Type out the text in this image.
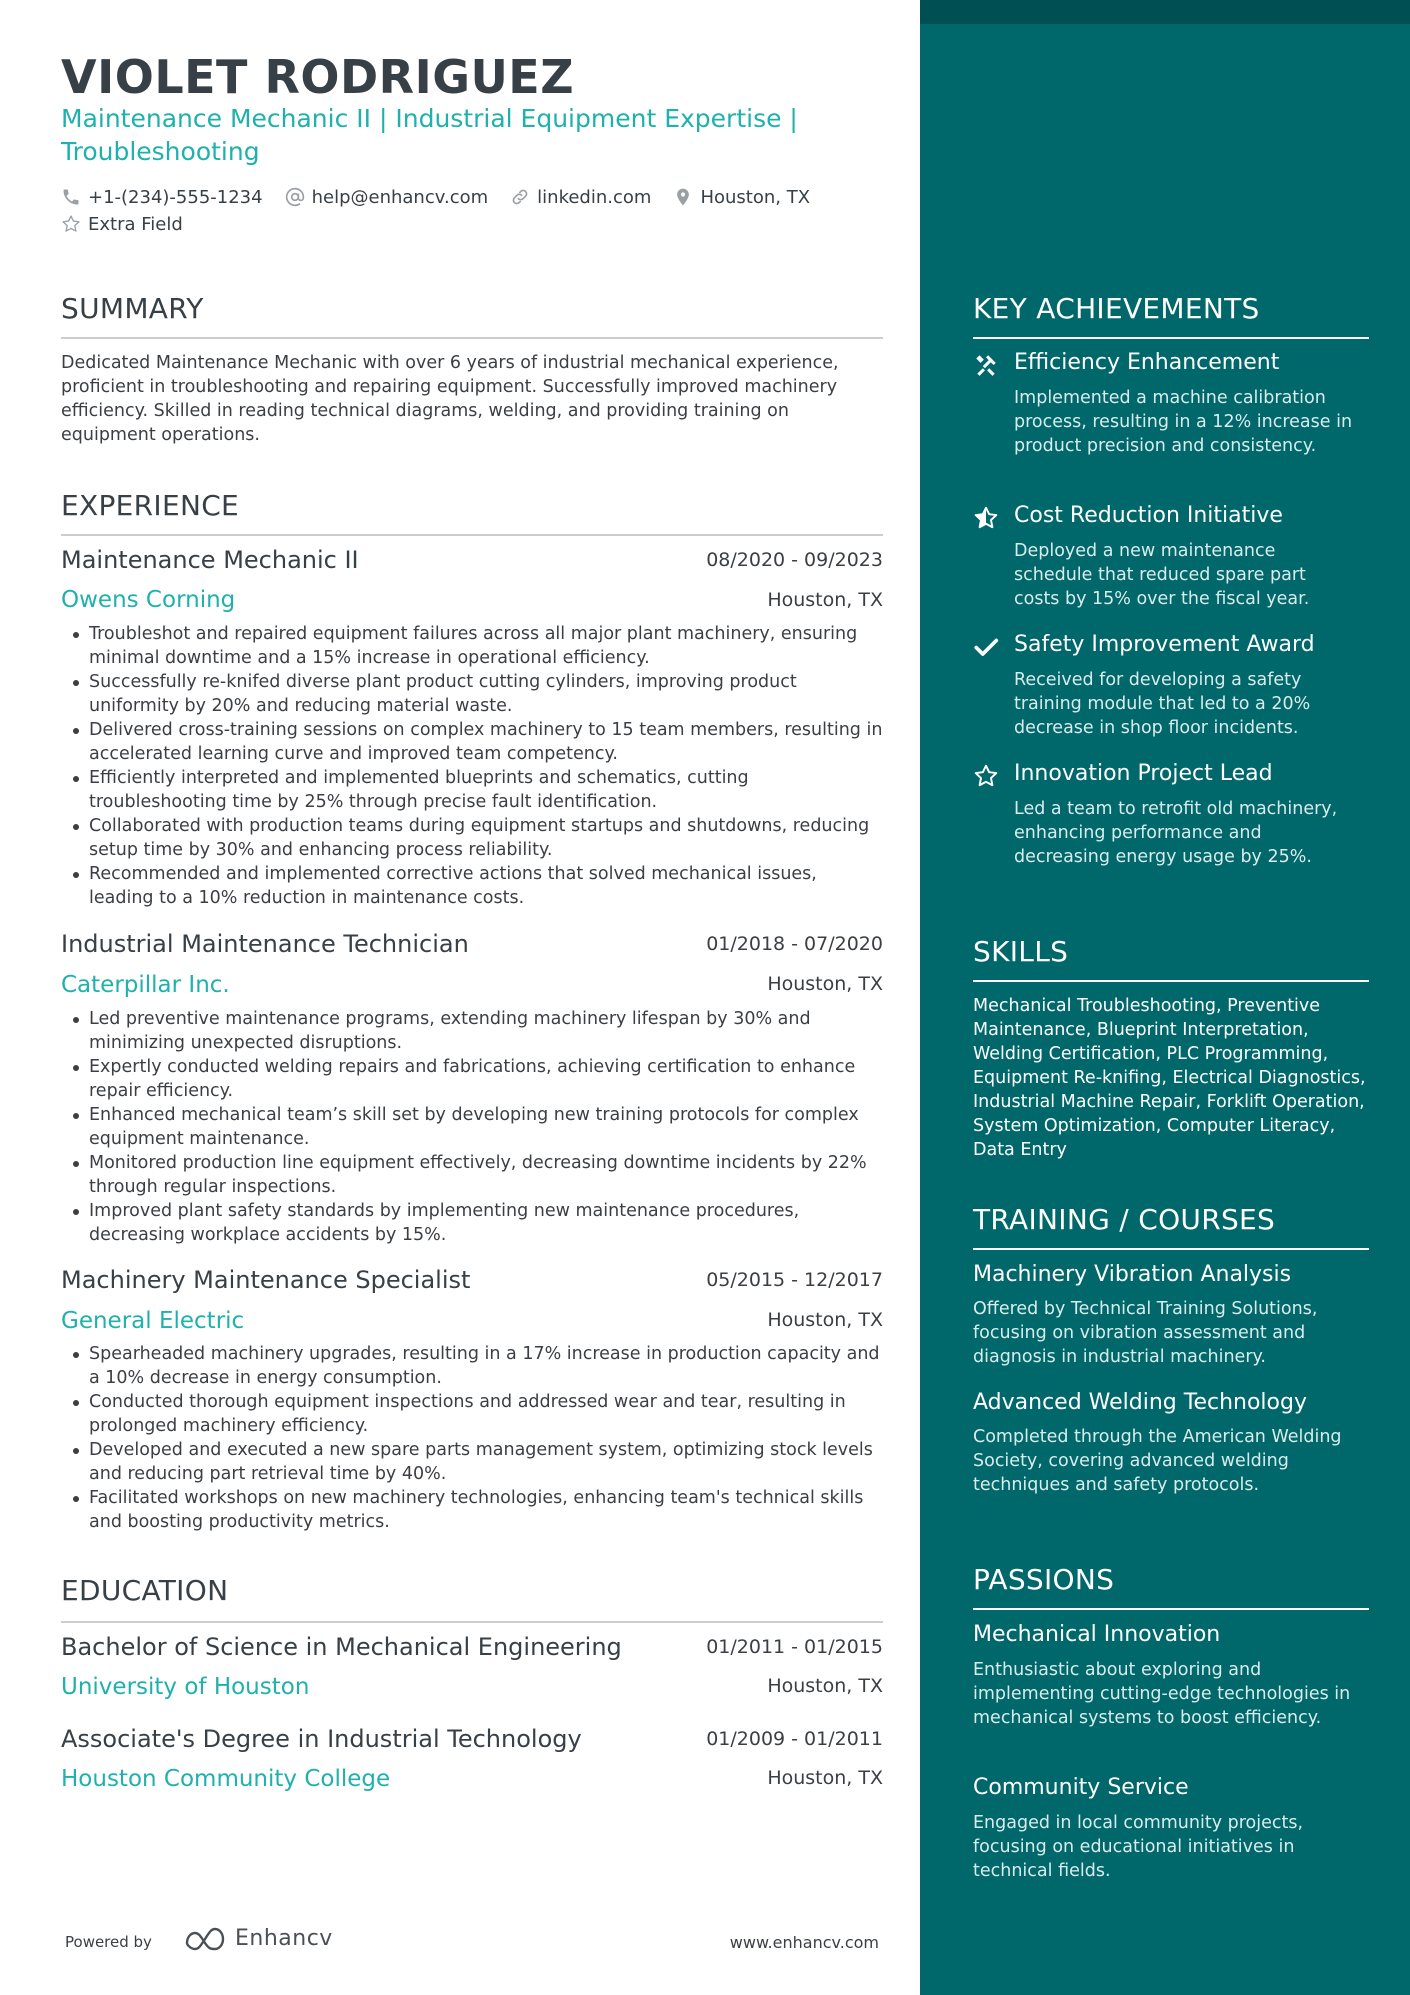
VIOLET RODRIGUEZ
Maintenance Mechanic II | Industrial Equipment Expertise | Troubleshooting
+1-(234)-555-1234	help@enhancv.com	linkedin.com	Houston, TX
Extra Field
SUMMARY
Dedicated Maintenance Mechanic with over 6 years of industrial mechanical experience, proficient in troubleshooting and repairing equipment. Successfully improved machinery efficiency. Skilled in reading technical diagrams, welding, and providing training on equipment operations.
EXPERIENCE
Maintenance Mechanic II	08/2020 - 09/2023
Owens Corning	Houston, TX
Troubleshot and repaired equipment failures across all major plant machinery, ensuring minimal downtime and a 15% increase in operational efficiency.
Successfully re-knifed diverse plant product cutting cylinders, improving product uniformity by 20% and reducing material waste.
Delivered cross-training sessions on complex machinery to 15 team members, resulting in accelerated learning curve and improved team competency.
Efficiently interpreted and implemented blueprints and schematics, cutting troubleshooting time by 25% through precise fault identification.
Collaborated with production teams during equipment startups and shutdowns, reducing setup time by 30% and enhancing process reliability.
Recommended and implemented corrective actions that solved mechanical issues, leading to a 10% reduction in maintenance costs.
Industrial Maintenance Technician	01/2018 - 07/2020
Caterpillar Inc.	Houston, TX
Led preventive maintenance programs, extending machinery lifespan by 30% and minimizing unexpected disruptions.
Expertly conducted welding repairs and fabrications, achieving certification to enhance repair efficiency.
Enhanced mechanical team’s skill set by developing new training protocols for complex equipment maintenance.
Monitored production line equipment effectively, decreasing downtime incidents by 22% through regular inspections.
Improved plant safety standards by implementing new maintenance procedures, decreasing workplace accidents by 15%.
Machinery Maintenance Specialist	05/2015 - 12/2017
General Electric	Houston, TX
Spearheaded machinery upgrades, resulting in a 17% increase in production capacity and a 10% decrease in energy consumption.
Conducted thorough equipment inspections and addressed wear and tear, resulting in prolonged machinery efficiency.
Developed and executed a new spare parts management system, optimizing stock levels and reducing part retrieval time by 40%.
Facilitated workshops on new machinery technologies, enhancing team's technical skills and boosting productivity metrics.
EDUCATION
Bachelor of Science in Mechanical Engineering	01/2011 - 01/2015
University of Houston	Houston, TX
Associate's Degree in Industrial Technology	01/2009 - 01/2011
Houston Community College	Houston, TX
Powered by	Enhancv	www.enhancv.com
KEY ACHIEVEMENTS
Efficiency Enhancement
Implemented a machine calibration process, resulting in a 12% increase in product precision and consistency.
Cost Reduction Initiative
Deployed a new maintenance schedule that reduced spare part costs by 15% over the fiscal year.
Safety Improvement Award
Received for developing a safety training module that led to a 20% decrease in shop floor incidents.
Innovation Project Lead
Led a team to retrofit old machinery, enhancing performance and decreasing energy usage by 25%.
SKILLS
Mechanical Troubleshooting, Preventive Maintenance, Blueprint Interpretation, Welding Certification, PLC Programming, Equipment Re-knifing, Electrical Diagnostics, Industrial Machine Repair, Forklift Operation, System Optimization, Computer Literacy, Data Entry
TRAINING / COURSES
Machinery Vibration Analysis
Offered by Technical Training Solutions, focusing on vibration assessment and diagnosis in industrial machinery.
Advanced Welding Technology
Completed through the American Welding Society, covering advanced welding techniques and safety protocols.
PASSIONS
Mechanical Innovation
Enthusiastic about exploring and implementing cutting-edge technologies in mechanical systems to boost efficiency.
Community Service
Engaged in local community projects, focusing on educational initiatives in technical fields.
